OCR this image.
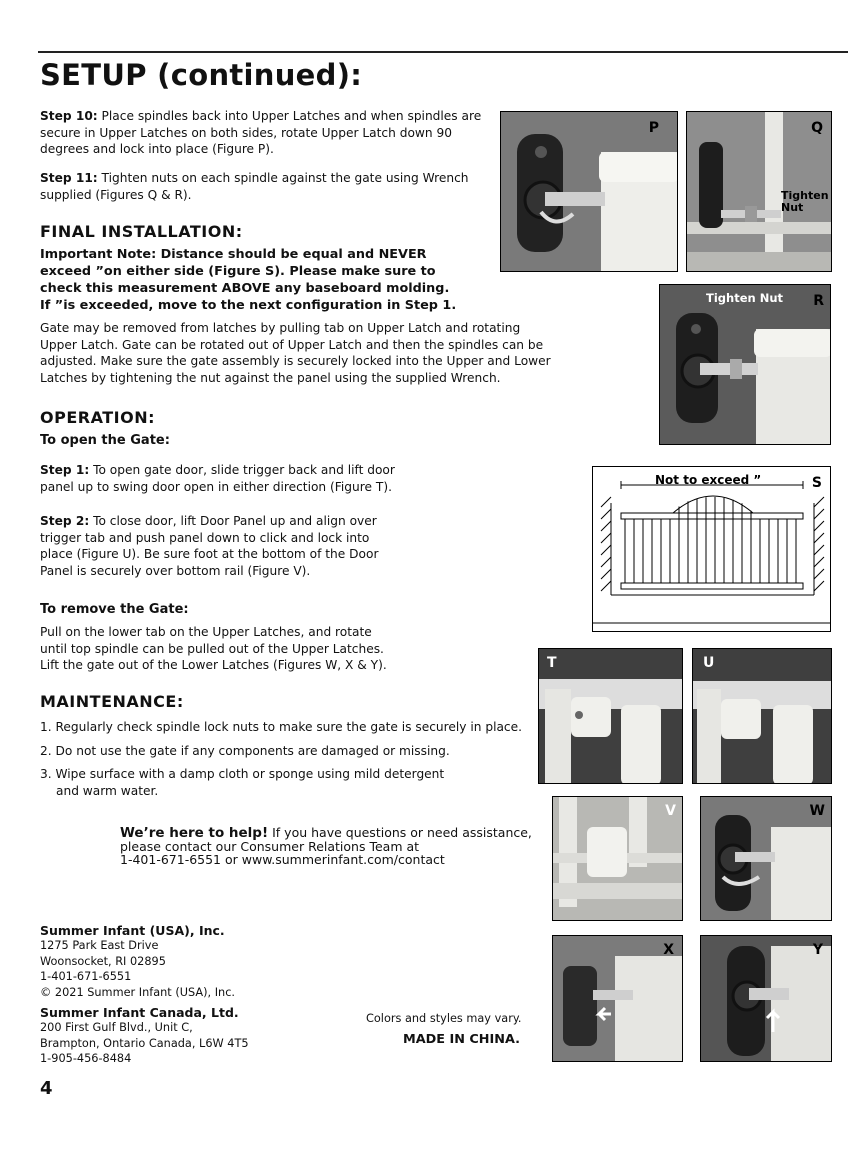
SETUP (continued):
Step 10: Place spindles back into Upper Latches and when spindles are
secure in Upper Latches on both sides, rotate Upper Latch down 90
degrees and lock into place (Figure P).
Step 11: Tighten nuts on each spindle against the gate using Wrench
supplied (Figures Q & R).
FINAL INSTALLATION:
Important Note: Distance should be equal and NEVER
exceed ”on either side (Figure S). Please make sure to
check this measurement ABOVE any baseboard molding.
If ”is exceeded, move to the next configuration in Step 1.
Gate may be removed from latches by pulling tab on Upper Latch and rotating
Upper Latch. Gate can be rotated out of Upper Latch and then the spindles can be
adjusted. Make sure the gate assembly is securely locked into the Upper and Lower
Latches by tightening the nut against the panel using the supplied Wrench.
OPERATION:
To open the Gate:
Step 1: To open gate door, slide trigger back and lift door
panel up to swing door open in either direction (Figure T).
Step 2: To close door, lift Door Panel up and align over
trigger tab and push panel down to click and lock into
place (Figure U). Be sure foot at the bottom of the Door
Panel is securely over bottom rail (Figure V).
To remove the Gate:
Pull on the lower tab on the Upper Latches, and rotate
until top spindle can be pulled out of the Upper Latches.
Lift the gate out of the Lower Latches (Figures W, X & Y).
MAINTENANCE:
1. Regularly check spindle lock nuts to make sure the gate is securely in place.
2. Do not use the gate if any components are damaged or missing.
3. Wipe surface with a damp cloth or sponge using mild detergent
and warm water.
We’re here to help! If you have questions or need assistance,
please contact our Consumer Relations Team at
1-401-671-6551 or www.summerinfant.com/contact
Summer Infant (USA), Inc.
1275 Park East Drive
Woonsocket, RI 02895
1-401-671-6551
© 2021 Summer Infant (USA), Inc.
Summer Infant Canada, Ltd.
200 First Gulf Blvd., Unit C,
Brampton, Ontario Canada, L6W 4T5
1-905-456-8484
Colors and styles may vary.
MADE IN CHINA.
4
P	Q
Tighten
Nut
Tighten Nut R
Not to exceed ”	S
T	U
V	W
X	Y
